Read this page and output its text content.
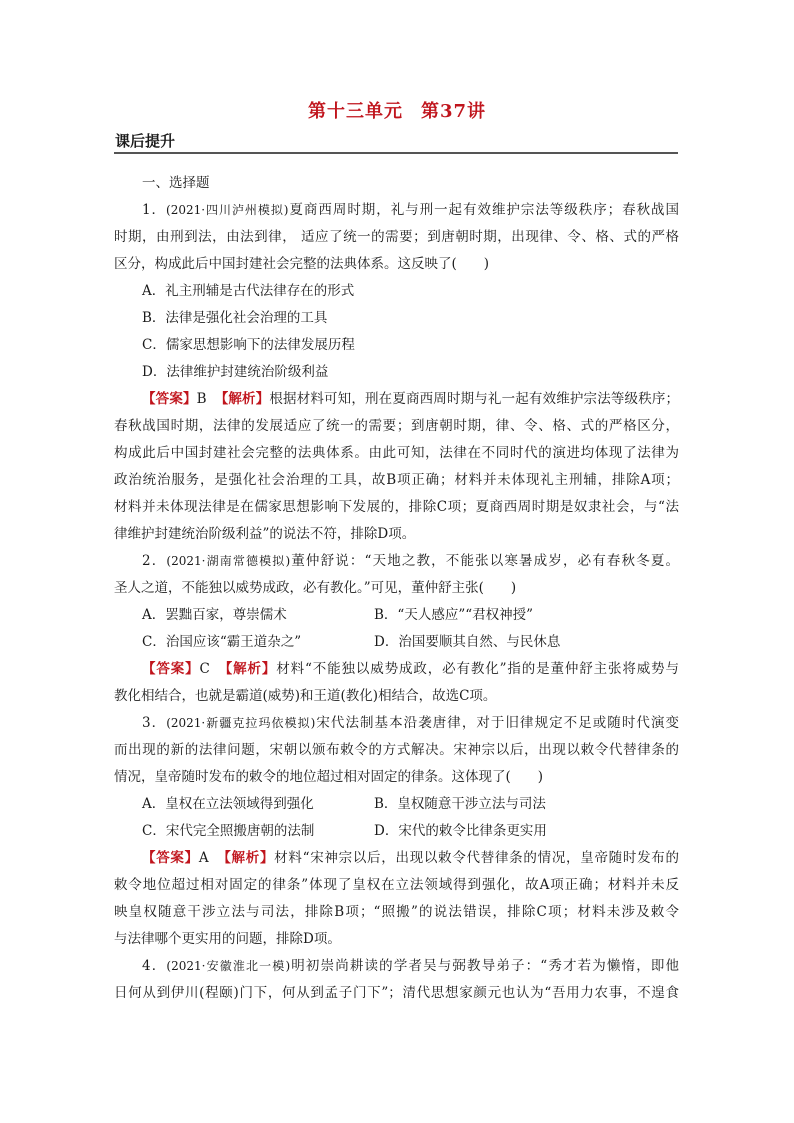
第十三单元 第37讲
课后提升
一、选择题
1．(2021·四川泸州模拟)夏商西周时期，礼与刑一起有效维护宗法等级秩序；春秋战国
时期，由刑到法，由法到律， 适应了统一的需要；到唐朝时期，出现律、令、格、式的严格
区分，构成此后中国封建社会完整的法典体系。这反映了(　　)
A．礼主刑辅是古代法律存在的形式
B．法律是强化社会治理的工具
C．儒家思想影响下的法律发展历程
D．法律维护封建统治阶级利益
【答案】B 【解析】根据材料可知，刑在夏商西周时期与礼一起有效维护宗法等级秩序；
春秋战国时期，法律的发展适应了统一的需要；到唐朝时期，律、令、格、式的严格区分，
构成此后中国封建社会完整的法典体系。由此可知，法律在不同时代的演进均体现了法律为
政治统治服务，是强化社会治理的工具，故B项正确；材料并未体现礼主刑辅，排除A项；
材料并未体现法律是在儒家思想影响下发展的，排除C项；夏商西周时期是奴隶社会，与“法
律维护封建统治阶级利益”的说法不符，排除D项。
2．(2021·湖南常德模拟)董仲舒说：“天地之教，不能张以寒暑成岁，必有春秋冬夏。
圣人之道，不能独以威势成政，必有教化。”可见，董仲舒主张(　　)
A．罢黜百家，尊崇儒术	B．“天人感应”“君权神授”
C．治国应该“霸王道杂之”	D．治国要顺其自然、与民休息
【答案】C 【解析】材料“不能独以威势成政，必有教化”指的是董仲舒主张将威势与
教化相结合，也就是霸道(威势)和王道(教化)相结合，故选C项。
3．(2021·新疆克拉玛依模拟)宋代法制基本沿袭唐律，对于旧律规定不足或随时代演变
而出现的新的法律问题，宋朝以颁布敕令的方式解决。宋神宗以后，出现以敕令代替律条的
情况，皇帝随时发布的敕令的地位超过相对固定的律条。这体现了(　　)
A．皇权在立法领域得到强化	B．皇权随意干涉立法与司法
C．宋代完全照搬唐朝的法制	D．宋代的敕令比律条更实用
【答案】A 【解析】材料“宋神宗以后，出现以敕令代替律条的情况，皇帝随时发布的
敕令地位超过相对固定的律条”体现了皇权在立法领域得到强化，故A项正确；材料并未反
映皇权随意干涉立法与司法，排除B项；“照搬”的说法错误，排除C项；材料未涉及敕令
与法律哪个更实用的问题，排除D项。
4．(2021·安徽淮北一模)明初崇尚耕读的学者吴与弼教导弟子：“秀才若为懒惰，即他
日何从到伊川(程颐)门下，何从到孟子门下”；清代思想家颜元也认为“吾用力农事，不遑食
